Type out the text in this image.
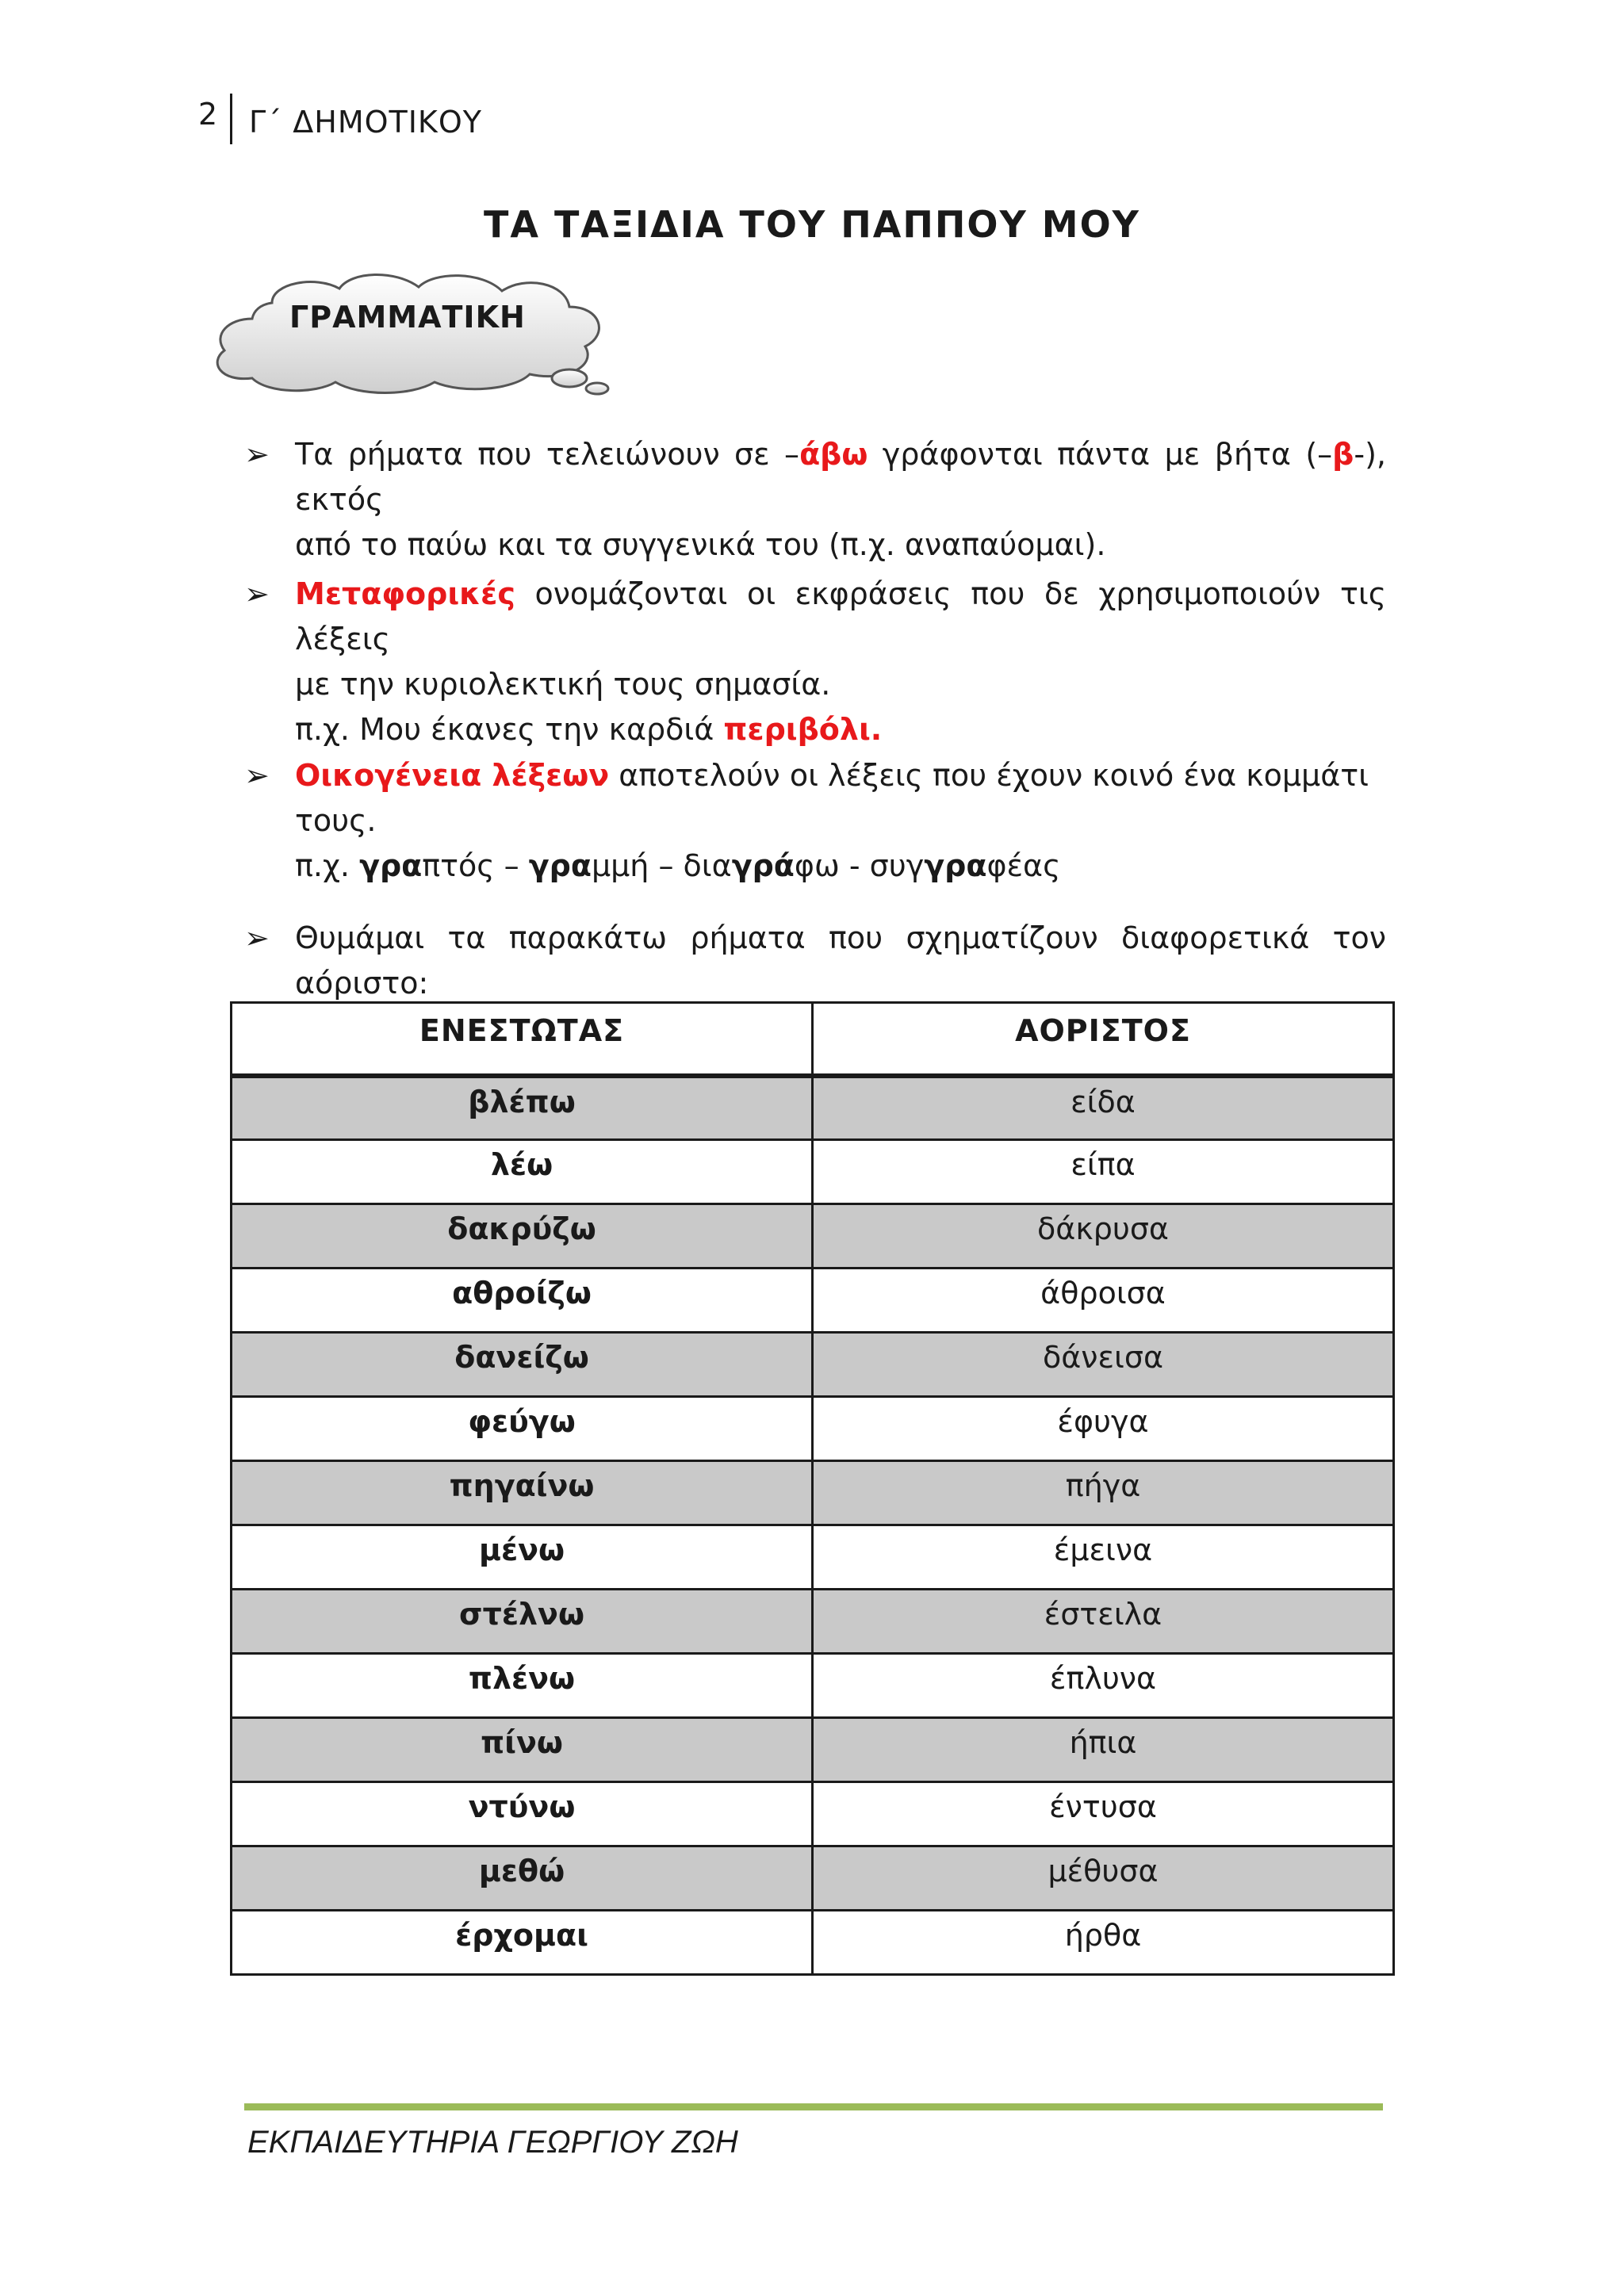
2 Γ΄ ΔΗΜΟΤΙΚΟΥ
ΤΑ ΤΑΞΙΔΙΑ ΤΟΥ ΠΑΠΠΟΥ ΜΟΥ
ΓΡΑΜΜΑΤΙΚΗ
➢ Τα ρήματα που τελειώνουν σε –άβω γράφονται πάντα με βήτα (–β-), εκτός
από το παύω και τα συγγενικά του (π.χ. αναπαύομαι).
➢ Μεταφορικές ονομάζονται οι εκφράσεις που δε χρησιμοποιούν τις λέξεις
με την κυριολεκτική τους σημασία.
π.χ. Μου έκανες την καρδιά περιβόλι.
➢ Οικογένεια λέξεων αποτελούν οι λέξεις που έχουν κοινό ένα κομμάτι
τους.
π.χ. γραπτός – γραμμή – διαγράφω - συγγραφέας
➢ Θυμάμαι τα παρακάτω ρήματα που σχηματίζουν διαφορετικά τον αόριστο:
ΕΝΕΣΤΩΤΑΣ	ΑΟΡΙΣΤΟΣ
βλέπω	είδα
λέω	είπα
δακρύζω	δάκρυσα
αθροίζω	άθροισα
δανείζω	δάνεισα
φεύγω	έφυγα
πηγαίνω	πήγα
μένω	έμεινα
στέλνω	έστειλα
πλένω	έπλυνα
πίνω	ήπια
ντύνω	έντυσα
μεθώ	μέθυσα
έρχομαι	ήρθα
ΕΚΠΑΙΔΕΥΤΗΡΙΑ ΓΕΩΡΓΙΟΥ ΖΩΗ
